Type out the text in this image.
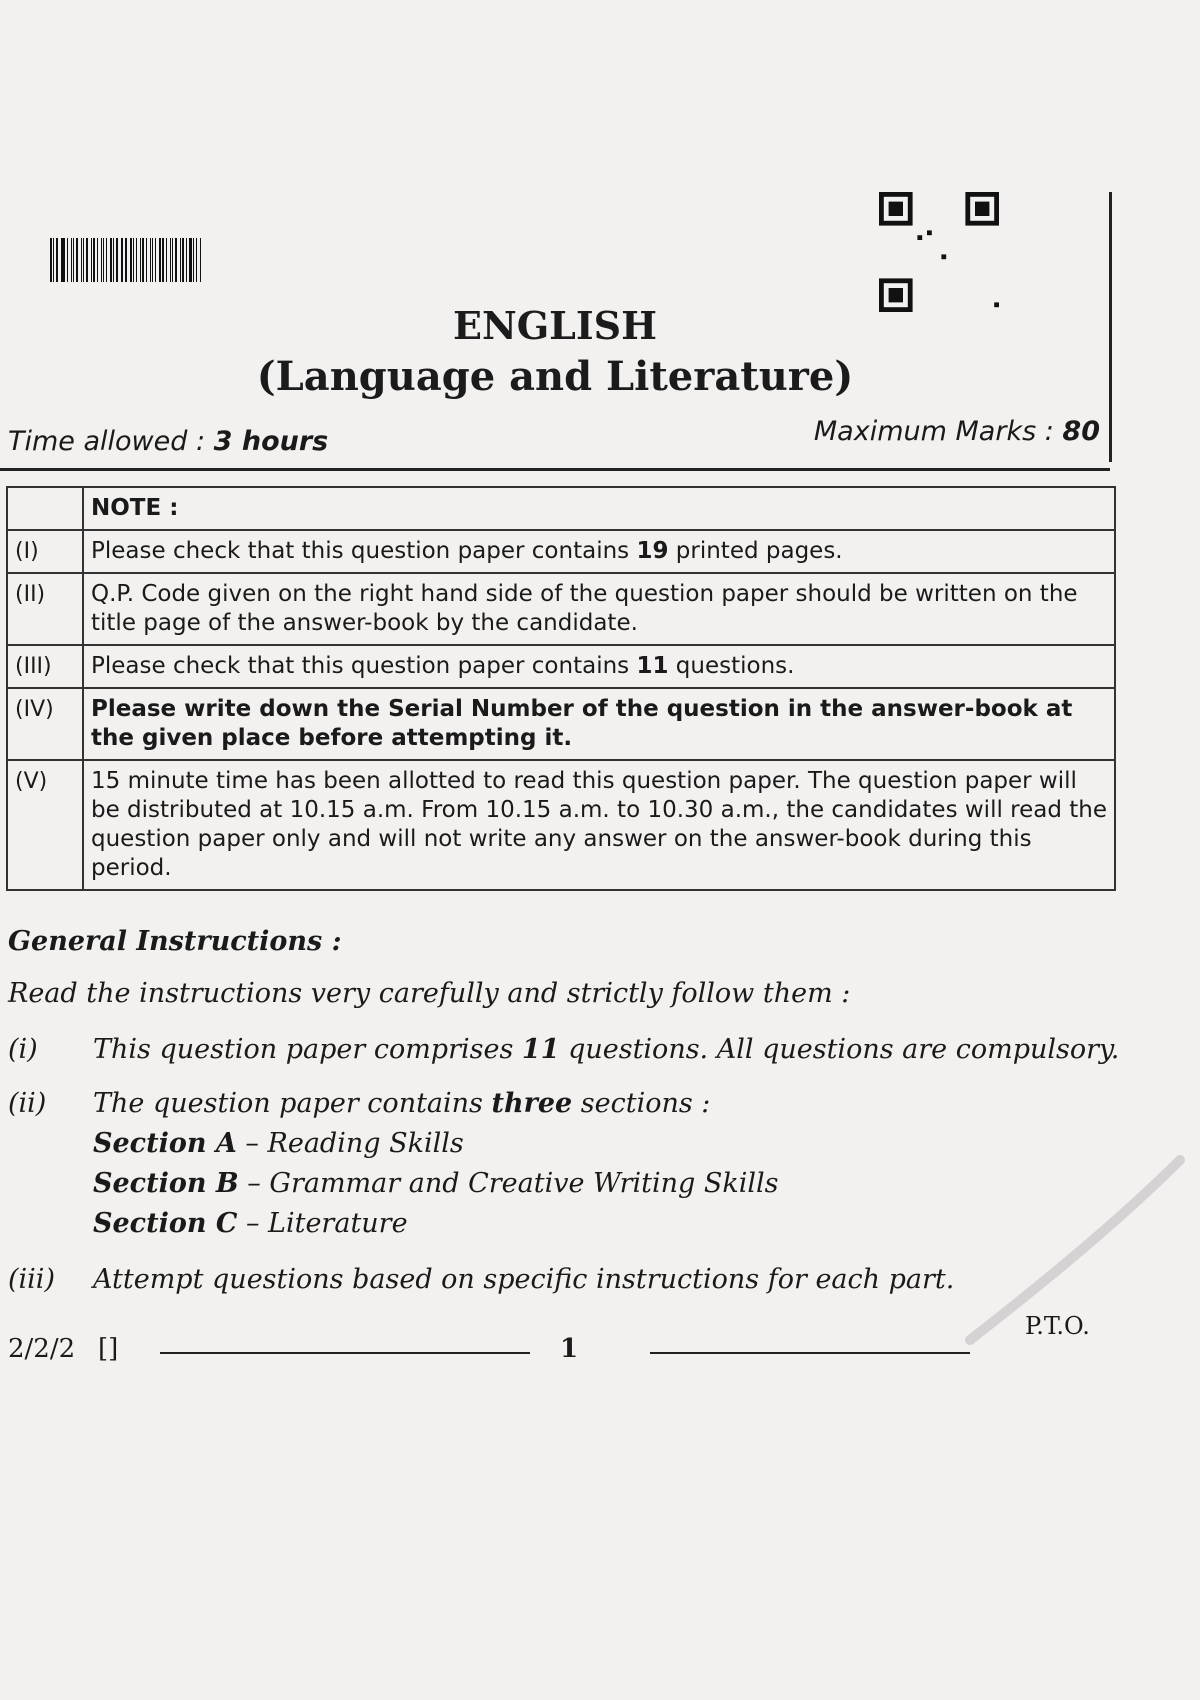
ENGLISH
(Language and Literature)
Time allowed : 3 hours	Maximum Marks : 80
	NOTE :
(I)	Please check that this question paper contains 19 printed pages.
(II)	Q.P. Code given on the right hand side of the question paper should be written on the title page of the answer-book by the candidate.
(III)	Please check that this question paper contains 11 questions.
(IV)	Please write down the Serial Number of the question in the answer-book at the given place before attempting it.
(V)	15 minute time has been allotted to read this question paper. The question paper will be distributed at 10.15 a.m. From 10.15 a.m. to 10.30 a.m., the candidates will read the question paper only and will not write any answer on the answer-book during this period.
General Instructions :
Read the instructions very carefully and strictly follow them :
(i) This question paper comprises 11 questions. All questions are compulsory.
(ii) The question paper contains three sections :
Section A – Reading Skills
Section B – Grammar and Creative Writing Skills
Section C – Literature
(iii) Attempt questions based on specific instructions for each part.
2/2/2 []	1
P.T.O.
